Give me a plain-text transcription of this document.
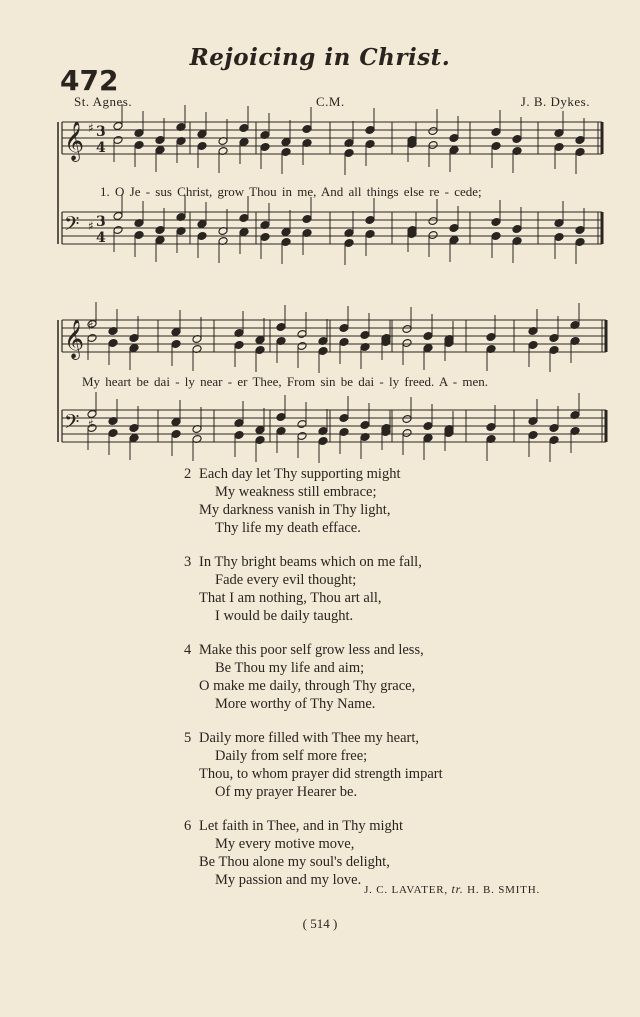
Rejoicing in Christ.
472
St. Agnes.	C.M.	J. B. Dykes.
𝄞 ♯ 3
4
𝄢 ♯ 3
4
𝄞 ♯
𝄢 ♯
1. O Je - sus Christ, grow Thou in me, And all things else re - cede;
My heart be dai - ly near - er Thee, From sin be dai - ly freed. A - men.
2 Each day let Thy supporting might
My weakness still embrace;
My darkness vanish in Thy light,
Thy life my death efface.
3 In Thy bright beams which on me fall,
Fade every evil thought;
That I am nothing, Thou art all,
I would be daily taught.
4 Make this poor self grow less and less,
Be Thou my life and aim;
O make me daily, through Thy grace,
More worthy of Thy Name.
5 Daily more filled with Thee my heart,
Daily from self more free;
Thou, to whom prayer did strength impart
Of my prayer Hearer be.
6 Let faith in Thee, and in Thy might
My every motive move,
Be Thou alone my soul's delight,
My passion and my love.
J. C. LAVATER, tr. H. B. SMITH.
( 514 )
